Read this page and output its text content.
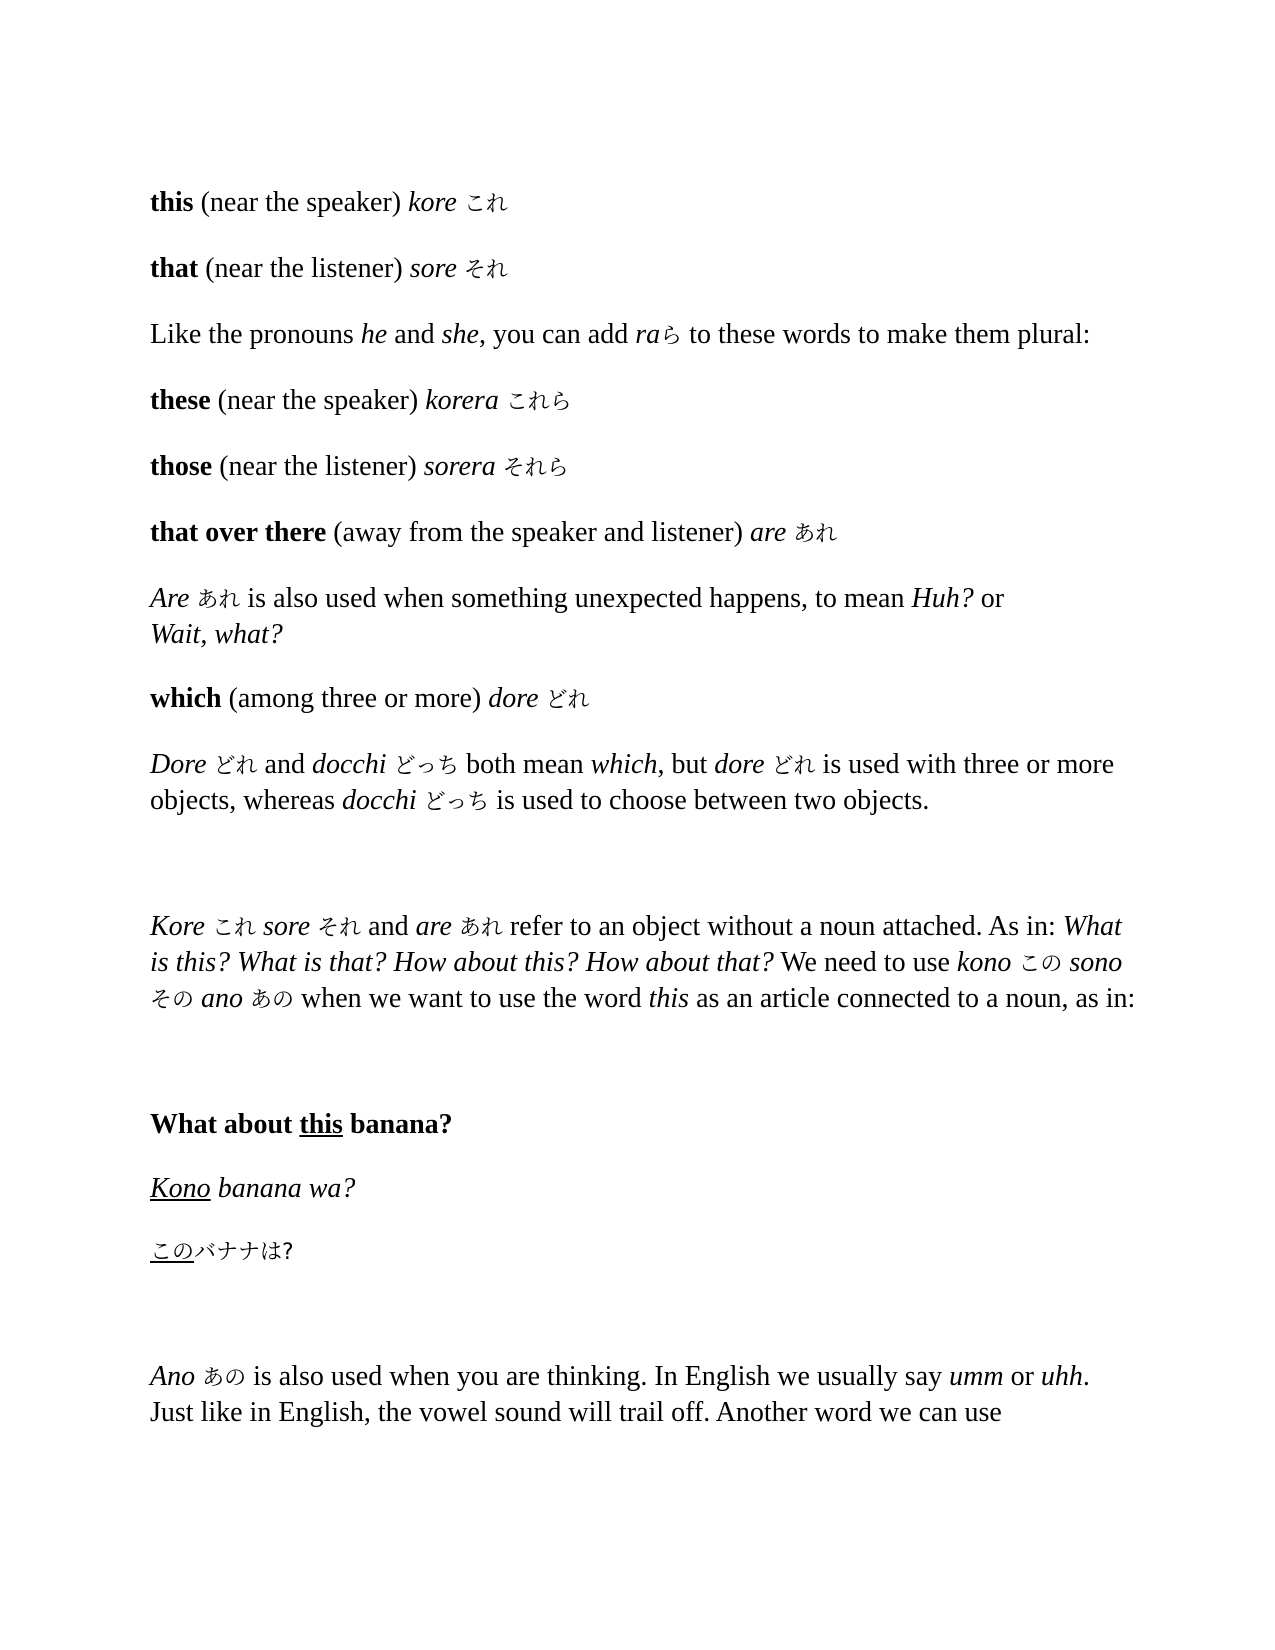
this (near the speaker) kore これ

that (near the listener) sore それ

Like the pronouns he and she, you can add raら to these words to make them plural:

these (near the speaker) korera これら

those (near the listener) sorera それら

that over there (away from the speaker and listener) are あれ

Are あれ is also used when something unexpected happens, to mean Huh? or
Wait, what?

which (among three or more) dore どれ

Dore どれ and docchi どっち both mean which, but dore どれ is used with three or more objects, whereas docchi どっち is used to choose between two objects.

Kore これ sore それ and are あれ refer to an object without a noun attached. As in: What is this? What is that? How about this? How about that? We need to use kono この sono その ano あの when we want to use the word this as an article connected to a noun, as in:

What about this banana?

Kono banana wa?

このバナナは?

Ano あの is also used when you are thinking. In English we usually say umm or uhh. Just like in English, the vowel sound will trail off. Another word we can use
